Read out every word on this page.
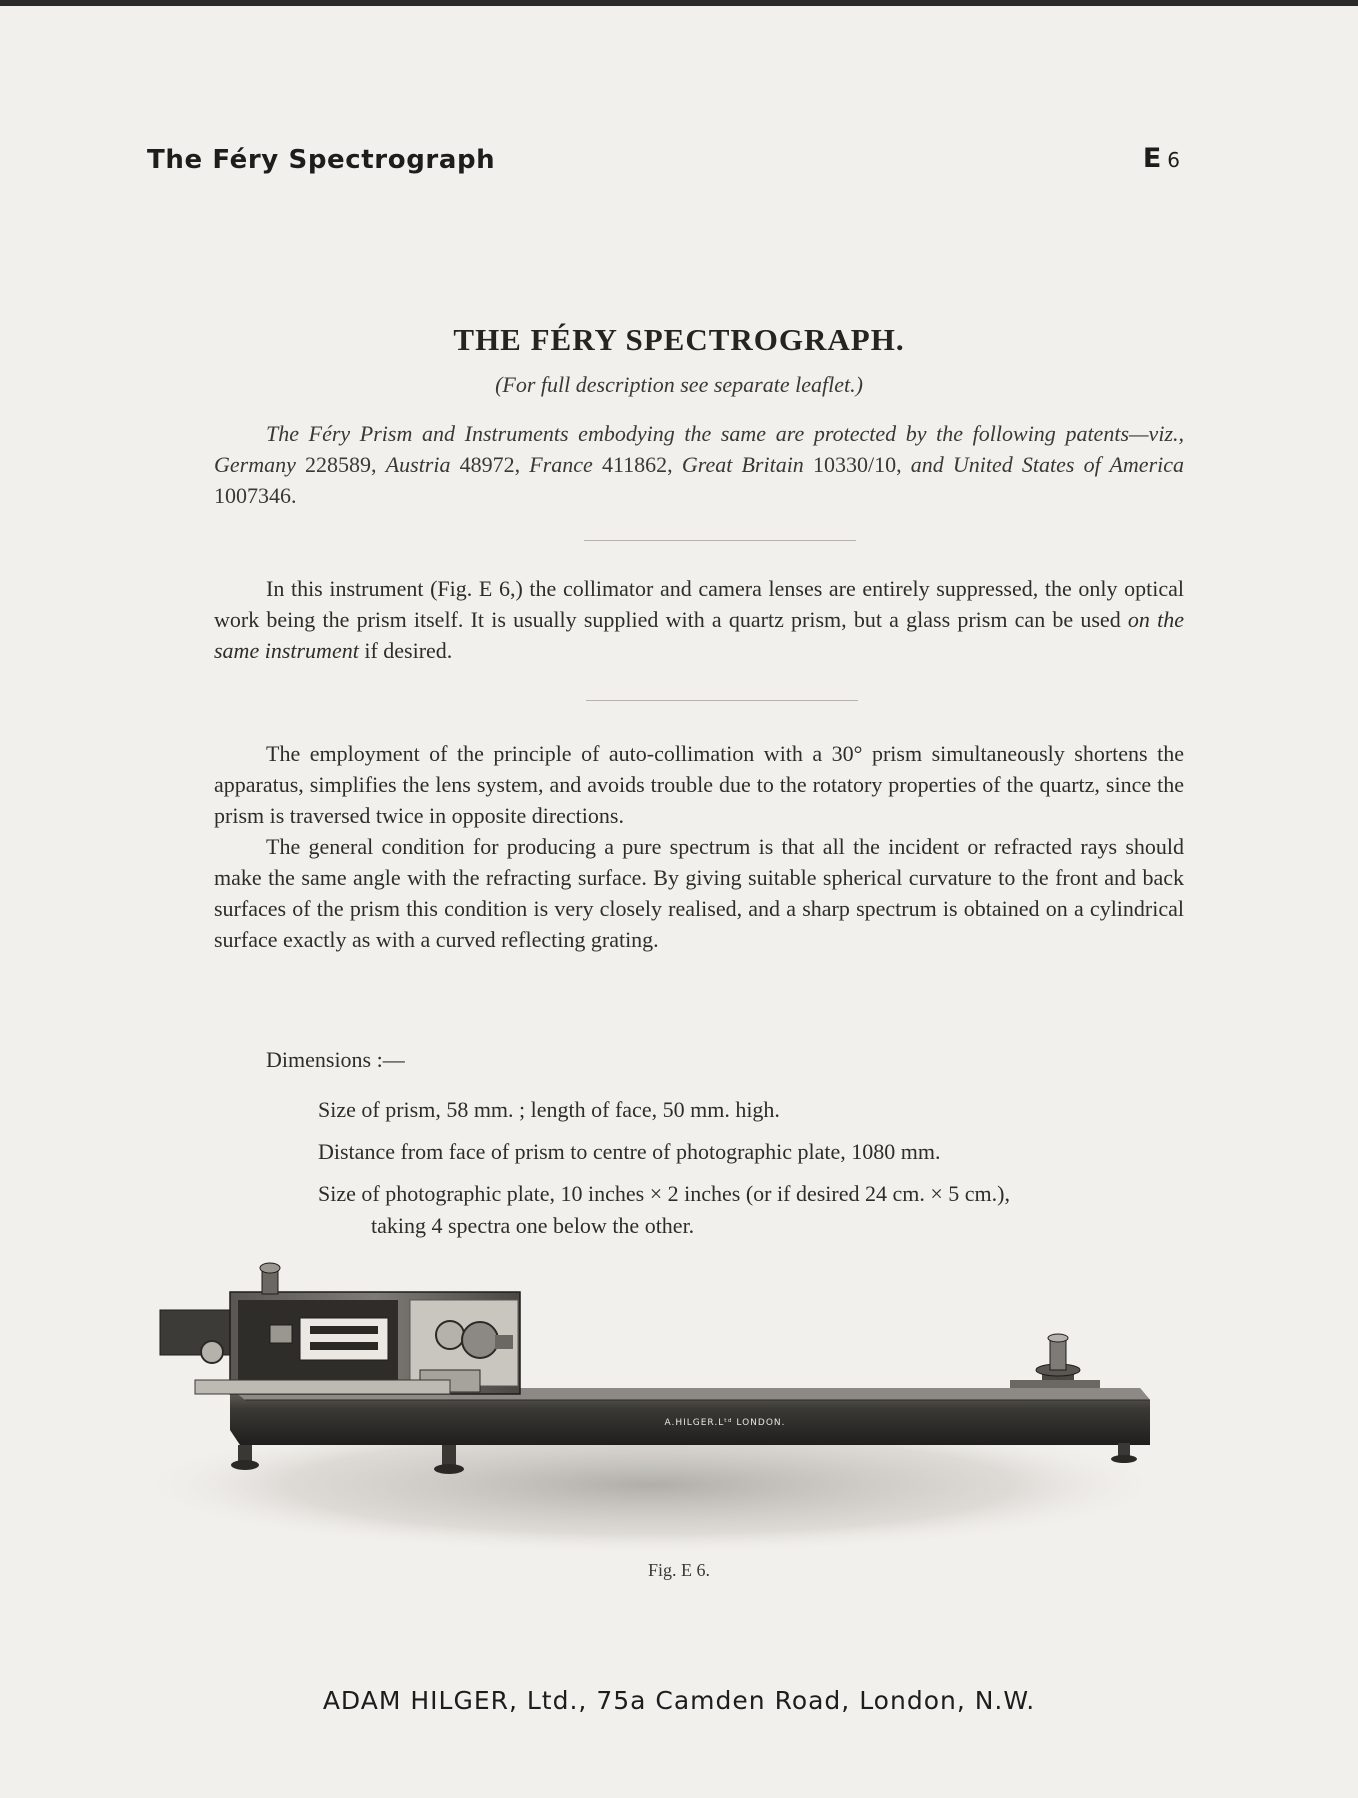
The Féry Spectrograph	E 6
THE FÉRY SPECTROGRAPH.
(For full description see separate leaflet.)

The Féry Prism and Instruments embodying the same are protected by the following patents—viz., Germany 228589, Austria 48972, France 411862, Great Britain 10330/10, and United States of America 1007346.

In this instrument (Fig. E 6,) the collimator and camera lenses are entirely suppressed, the only optical work being the prism itself. It is usually supplied with a quartz prism, but a glass prism can be used on the same instrument if desired.

The employment of the principle of auto-collimation with a 30° prism simultaneously shortens the apparatus, simplifies the lens system, and avoids trouble due to the rotatory properties of the quartz, since the prism is traversed twice in opposite directions.

The general condition for producing a pure spectrum is that all the incident or refracted rays should make the same angle with the refracting surface. By giving suitable spherical curvature to the front and back surfaces of the prism this condition is very closely realised, and a sharp spectrum is obtained on a cylindrical surface exactly as with a curved reflecting grating.

Dimensions :—
Size of prism, 58 mm. ; length of face, 50 mm. high.
Distance from face of prism to centre of photographic plate, 1080 mm.
Size of photographic plate, 10 inches × 2 inches (or if desired 24 cm. × 5 cm.),
taking 4 spectra one below the other.
A.HILGER.Lᵗᵈ LONDON.
Fig. E 6.
ADAM HILGER, Ltd., 75a Camden Road, London, N.W.
